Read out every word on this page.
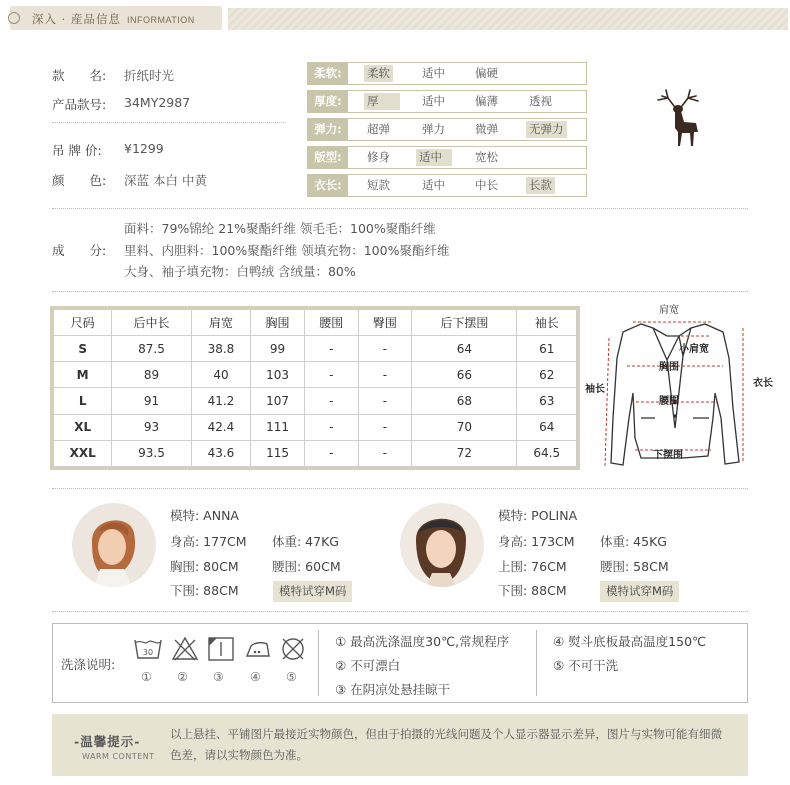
深入 · 産品信息 INFORMATION
款　　名: 折纸时光
产品款号: 34MY2987
吊 牌 价: ¥1299
颜　　色: 深蓝 本白 中黄
柔软:	柔软	适中	偏硬
厚度:	厚	适中	偏薄	透视
弹力:	超弹	弹力	微弹	无弹力
版型:	修身	适中	宽松
衣长:	短款	适中	中长	长款
成　　分:
面料：79%锦纶 21%聚酯纤维 领毛毛：100%聚酯纤维
里料、内胆料：100%聚酯纤维 领填充物：100%聚酯纤维
大身、袖子填充物：白鸭绒 含绒量：80%
尺码	后中长	肩宽	胸围	腰围	臀围	后下摆围	袖长
S	87.5	38.8	99	-	-	64	61
M	89	40	103	-	-	66	62
L	91	41.2	107	-	-	68	63
XL	93	42.4	111	-	-	70	64
XXL	93.5	43.6	115	-	-	72	64.5
肩宽
小肩宽
胸围
袖长
衣长
腰围
下摆围
模特: ANNA
身高: 177CM 体重: 47KG
胸围: 80CM	腰围: 60CM
下围: 88CM	模特试穿M码
模特: POLINA
身高: 173CM 体重: 45KG
上围: 76CM	腰围: 58CM
下围: 88CM	模特试穿M码
洗涤说明:
30
① ② ③ ④ ⑤
① 最高洗涤温度30℃,常规程序
② 不可漂白
③ 在阴凉处悬挂晾干
④ 熨斗底板最高温度150℃
⑤ 不可干洗
-温馨提示-
WARM CONTENT
以上悬挂、平铺图片最接近实物颜色，但由于拍摄的光线问题及个人显示器显示差异，图片与实物可能有细微色差，请以实物颜色为准。
